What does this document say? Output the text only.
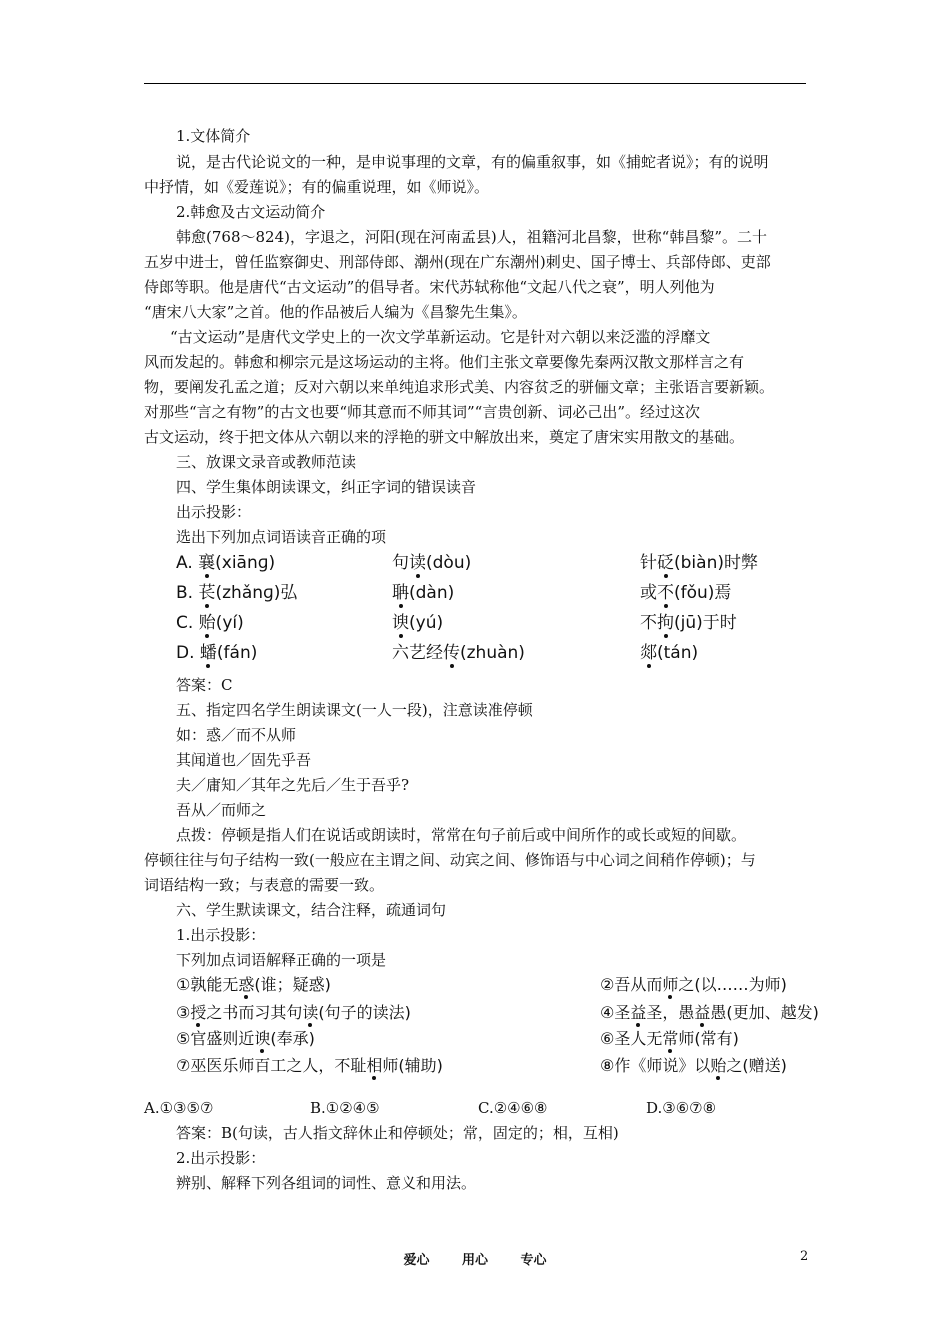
1.文体简介
说，是古代论说文的一种，是申说事理的文章，有的偏重叙事，如《捕蛇者说》；有的说明
中抒情，如《爱莲说》；有的偏重说理，如《师说》。
2.韩愈及古文运动简介
韩愈(768～824)，字退之，河阳(现在河南孟县)人，祖籍河北昌黎，世称“韩昌黎”。二十
五岁中进士，曾任监察御史、刑部侍郎、潮州(现在广东潮州)刺史、国子博士、兵部侍郎、吏部
侍郎等职。他是唐代“古文运动”的倡导者。宋代苏轼称他“文起八代之衰”，明人列他为
“唐宋八大家”之首。他的作品被后人编为《昌黎先生集》。
“古文运动”是唐代文学史上的一次文学革新运动。它是针对六朝以来泛滥的浮靡文
风而发起的。韩愈和柳宗元是这场运动的主将。他们主张文章要像先秦两汉散文那样言之有
物，要阐发孔孟之道；反对六朝以来单纯追求形式美、内容贫乏的骈俪文章；主张语言要新颖。
对那些“言之有物”的古文也要“师其意而不师其词”“言贵创新、词必己出”。经过这次
古文运动，终于把文体从六朝以来的浮艳的骈文中解放出来，奠定了唐宋实用散文的基础。
三、放课文录音或教师范读
四、学生集体朗读课文，纠正字词的错误读音
出示投影：
选出下列加点词语读音正确的项
A. 襄(xiānɡ)	句读(dòu)	针砭(biàn)时弊
B. 苌(zhǎnɡ)弘	聃(dàn)	或不(fǒu)焉
C. 贻(yí)	谀(yú)	不拘(jū)于时
D. 蟠(fán)	六艺经传(zhuàn)	郯(tán)
答案：C
五、指定四名学生朗读课文(一人一段)，注意读准停顿
如：惑／而不从师
其闻道也／固先乎吾
夫／庸知／其年之先后／生于吾乎?
吾从／而师之
点拨：停顿是指人们在说话或朗读时，常常在句子前后或中间所作的或长或短的间歇。
停顿往往与句子结构一致(一般应在主谓之间、动宾之间、修饰语与中心词之间稍作停顿)；与
词语结构一致；与表意的需要一致。
六、学生默读课文，结合注释，疏通词句
1.出示投影：
下列加点词语解释正确的一项是
①孰能无惑(谁；疑惑)	②吾从而师之(以……为师)
③授之书而习其句读(句子的读法)	④圣益圣，愚益愚(更加、越发)
⑤官盛则近谀(奉承)	⑥圣人无常师(常有)
⑦巫医乐师百工之人，不耻相师(辅助)	⑧作《师说》以贻之(赠送)
A.①③⑤⑦	B.①②④⑤	C.②④⑥⑧	D.③⑥⑦⑧
答案：B(句读，古人指文辞休止和停顿处；常，固定的；相，互相)
2.出示投影：
辨别、解释下列各组词的词性、意义和用法。
爱心	用心	专心	2
